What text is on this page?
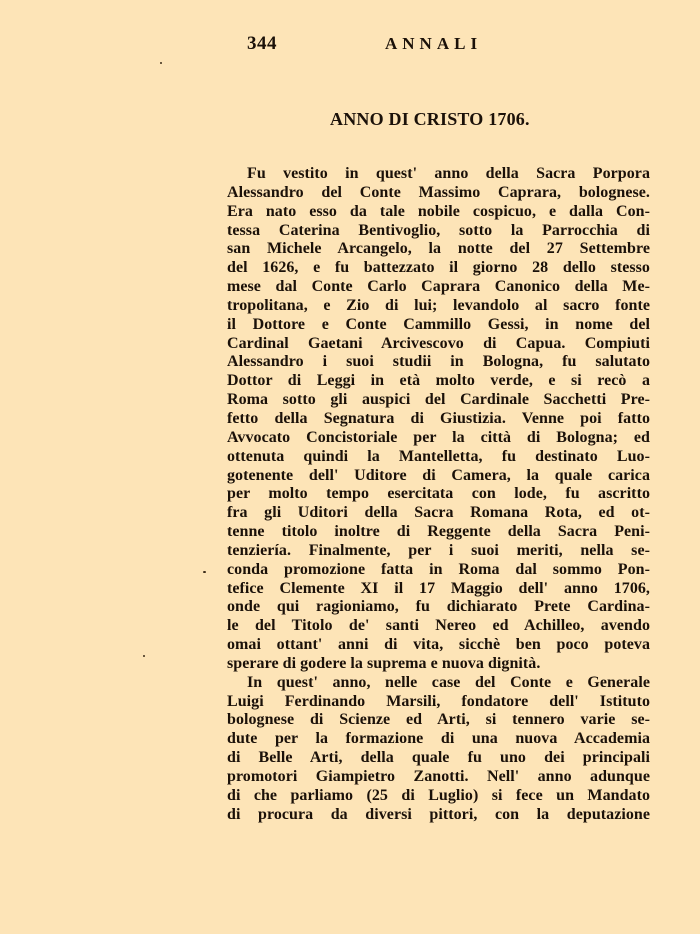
344	ANNALI
ANNO DI CRISTO 1706.
Fu vestito in quest' anno della Sacra Porpora
Alessandro del Conte Massimo Caprara, bolognese.
Era nato esso da tale nobile cospicuo, e dalla Con-
tessa Caterina Bentivoglio, sotto la Parrocchia di
san Michele Arcangelo, la notte del 27 Settembre
del 1626, e fu battezzato il giorno 28 dello stesso
mese dal Conte Carlo Caprara Canonico della Me-
tropolitana, e Zio di lui; levandolo al sacro fonte
il Dottore e Conte Cammillo Gessi, in nome del
Cardinal Gaetani Arcivescovo di Capua. Compiuti
Alessandro i suoi studii in Bologna, fu salutato
Dottor di Leggi in età molto verde, e si recò a
Roma sotto gli auspici del Cardinale Sacchetti Pre-
fetto della Segnatura di Giustizia. Venne poi fatto
Avvocato Concistoriale per la città di Bologna; ed
ottenuta quindi la Mantelletta, fu destinato Luo-
gotenente dell' Uditore di Camera, la quale carica
per molto tempo esercitata con lode, fu ascritto
fra gli Uditori della Sacra Romana Rota, ed ot-
tenne titolo inoltre di Reggente della Sacra Peni-
tenziería. Finalmente, per i suoi meriti, nella se-
conda promozione fatta in Roma dal sommo Pon-
tefice Clemente XI il 17 Maggio dell' anno 1706,
onde qui ragioniamo, fu dichiarato Prete Cardina-
le del Titolo de' santi Nereo ed Achilleo, avendo
omai ottant' anni di vita, sicchè ben poco poteva
sperare di godere la suprema e nuova dignità.
In quest' anno, nelle case del Conte e Generale
Luigi Ferdinando Marsili, fondatore dell' Istituto
bolognese di Scienze ed Arti, si tennero varie se-
dute per la formazione di una nuova Accademia
di Belle Arti, della quale fu uno dei principali
promotori Giampietro Zanotti. Nell' anno adunque
di che parliamo (25 di Luglio) si fece un Mandato
di procura da diversi pittori, con la deputazione
